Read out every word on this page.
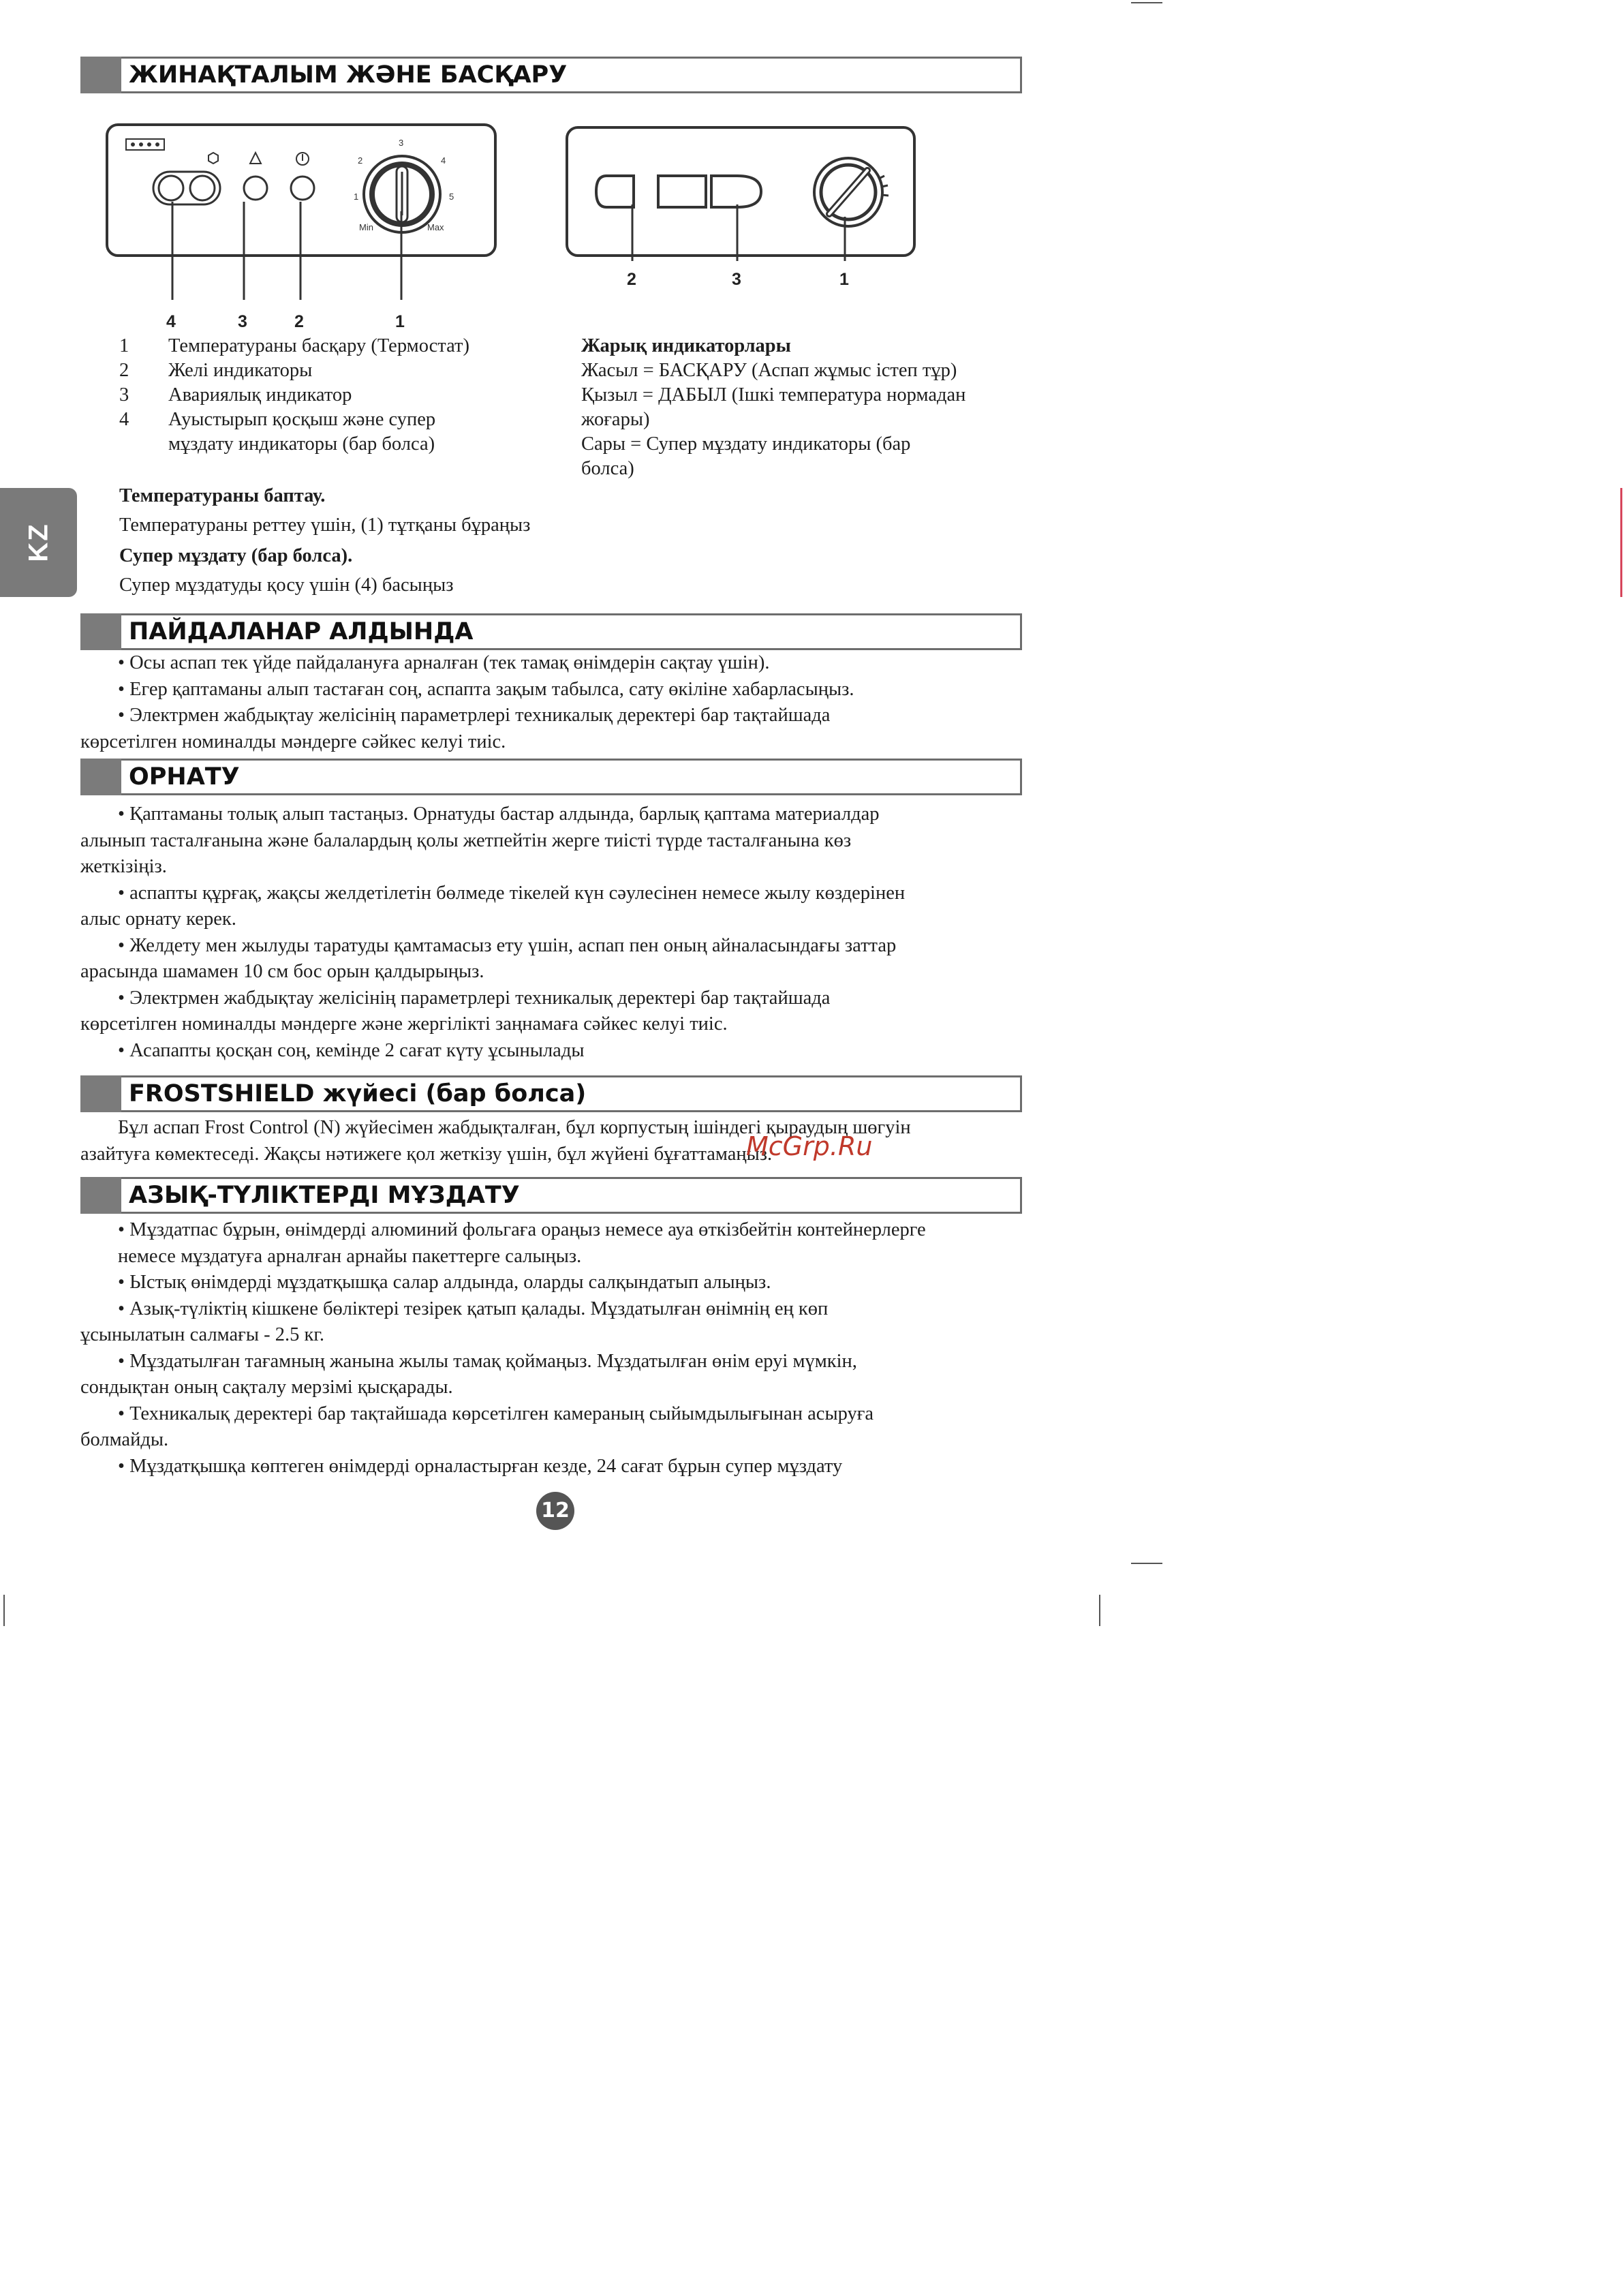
KZ
ЖИНАҚТАЛЫМ ЖӘНЕ БАСҚАРУ
1
2
3
4
5
Min	Max
4	3	2	1
2	3	1
1 Температураны басқару (Термостат)
2 Желі индикаторы
3 Авариялық индикатор
4 Ауыстырып қосқыш және супер
мұздату индикаторы (бар болса)
Жарық индикаторлары
Жасыл = БАСҚАРУ (Аспап жұмыс істеп тұр)
Қызыл = ДАБЫЛ (Ішкі температура нормадан
жоғары)
Сары = Супер мұздату индикаторы (бар
болса)
Температураны баптау.
Температураны реттеу үшін, (1) тұтқаны бұраңыз
Супер мұздату (бар болса).
Супер мұздатуды қосу үшін (4) басыңыз
ПАЙДАЛАНАР АЛДЫНДА
• Осы аспап тек үйде пайдалануға арналған (тек тамақ өнімдерін сақтау үшін).
• Егер қаптаманы алып тастаған соң, аспапта зақым табылса, сату өкіліне хабарласыңыз.
• Электрмен жабдықтау желісінің параметрлері техникалық деректері бар тақтайшада
көрсетілген номиналды мәндерге сәйкес келуі тиіс.
ОРНАТУ
• Қаптаманы толық алып тастаңыз. Орнатуды бастар алдында, барлық қаптама материалдар
алынып тасталғанына және балалардың қолы жетпейтін жерге тиісті түрде тасталғанына көз
жеткізіңіз.
• аспапты құрғақ, жақсы желдетілетін бөлмеде тікелей күн сәулесінен немесе жылу көздерінен
алыс орнату керек.
• Желдету мен жылуды таратуды қамтамасыз ету үшін, аспап пен оның айналасындағы заттар
арасында шамамен 10 см бос орын қалдырыңыз.
• Электрмен жабдықтау желісінің параметрлері техникалық деректері бар тақтайшада
көрсетілген номиналды мәндерге және жергілікті заңнамаға сәйкес келуі тиіс.
• Асапапты қосқан соң, кемінде 2 сағат күту ұсынылады
FROSTSHIELD жүйесі (бар болса)
Бұл аспап Frost Control (N) жүйесімен жабдықталған, бұл корпустың ішіндегі қыраудың шөгуін
азайтуға көмектеседі. Жақсы нәтижеге қол жеткізу үшін, бұл жүйені бұғаттамаңыз.
McGrp.Ru
АЗЫҚ-ТҮЛІКТЕРДІ МҰЗДАТУ
• Мұздатпас бұрын, өнімдерді алюминий фольгаға ораңыз немесе ауа өткізбейтін контейнерлерге
немесе мұздатуға арналған арнайы пакеттерге салыңыз.
• Ыстық өнімдерді мұздатқышқа салар алдында, оларды салқындатып алыңыз.
• Азық-түліктің кішкене бөліктері тезірек қатып қалады. Мұздатылған өнімнің ең көп
ұсынылатын салмағы - 2.5 кг.
• Мұздатылған тағамның жанына жылы тамақ қоймаңыз. Мұздатылған өнім еруі мүмкін,
сондықтан оның сақталу мерзімі қысқарады.
• Техникалық деректері бар тақтайшада көрсетілген камераның сыйымдылығынан асыруға
болмайды.
• Мұздатқышқа көптеген өнімдерді орналастырған кезде, 24 сағат бұрын супер мұздату
12
